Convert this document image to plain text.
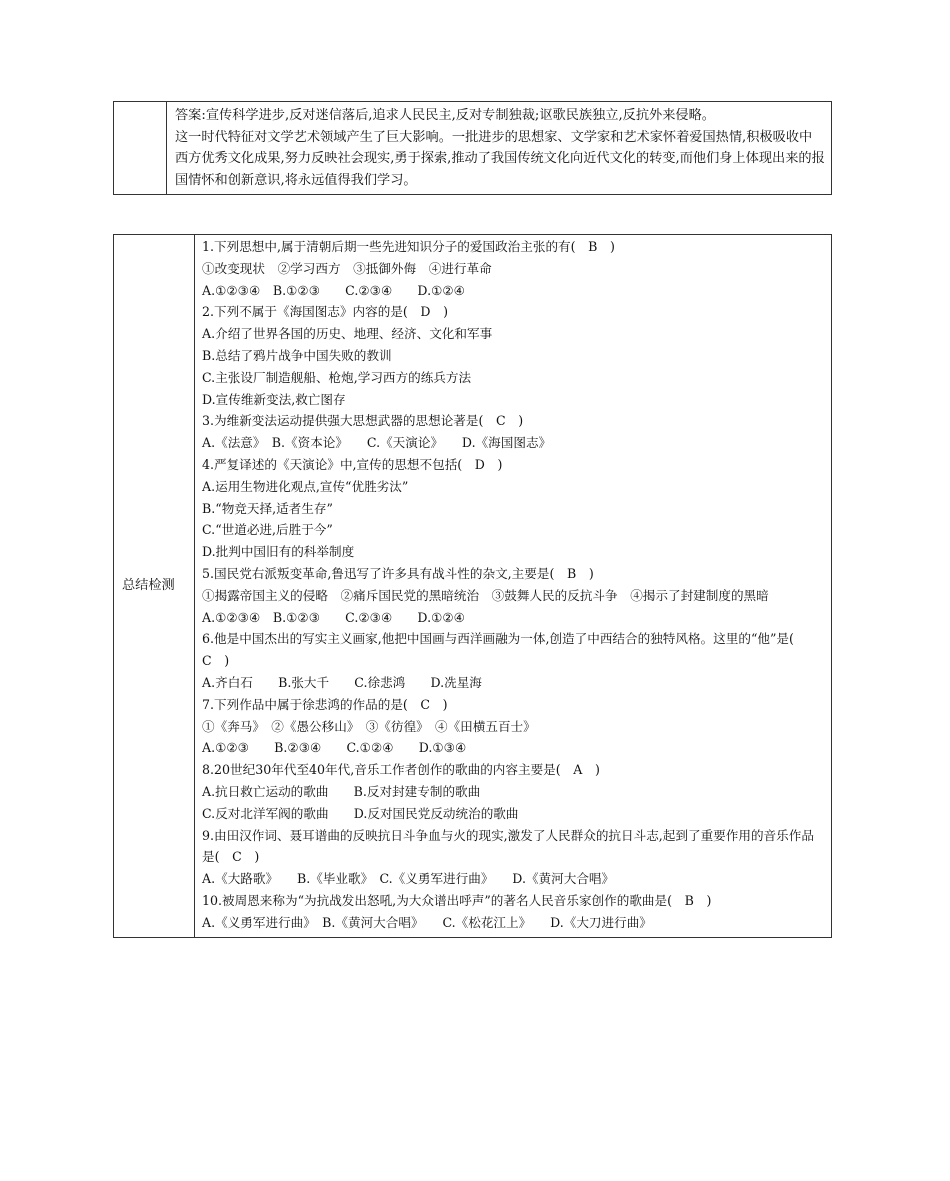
答案:宣传科学进步,反对迷信落后,追求人民民主,反对专制独裁;讴歌民族独立,反抗外来侵略。
这一时代特征对文学艺术领域产生了巨大影响。一批进步的思想家、文学家和艺术家怀着爱国热情,积极吸收中西方优秀文化成果,努力反映社会现实,勇于探索,推动了我国传统文化向近代文化的转变,而他们身上体现出来的报国情怀和创新意识,将永远值得我们学习。
总结检测	
1.下列思想中,属于清朝后期一些先进知识分子的爱国政治主张的有(　B　)
①改变现状　②学习西方　③抵御外侮　④进行革命
A.①②③④　B.①②③　　C.②③④　　D.①②④
2.下列不属于《海国图志》内容的是(　D　)
A.介绍了世界各国的历史、地理、经济、文化和军事
B.总结了鸦片战争中国失败的教训
C.主张设厂制造舰船、枪炮,学习西方的练兵方法
D.宣传维新变法,救亡图存
3.为维新变法运动提供强大思想武器的思想论著是(　C　)
A.《法意》　B.《资本论》　　C.《天演论》　　D.《海国图志》
4.严复译述的《天演论》中,宣传的思想不包括(　D　)
A.运用生物进化观点,宣传“优胜劣汰”
B.“物竞天择,适者生存”
C.“世道必进,后胜于今”
D.批判中国旧有的科举制度
5.国民党右派叛变革命,鲁迅写了许多具有战斗性的杂文,主要是(　B　)
①揭露帝国主义的侵略　②痛斥国民党的黑暗统治　③鼓舞人民的反抗斗争　④揭示了封建制度的黑暗
A.①②③④　B.①②③　　C.②③④　　D.①②④
6.他是中国杰出的写实主义画家,他把中国画与西洋画融为一体,创造了中西结合的独特风格。这里的“他”是(　C　)
A.齐白石　　B.张大千　　C.徐悲鸿　　D.冼星海
7.下列作品中属于徐悲鸿的作品的是(　C　)
①《奔马》　②《愚公移山》　③《彷徨》　④《田横五百士》
A.①②③　　B.②③④　　C.①②④　　D.①③④
8.20世纪30年代至40年代,音乐工作者创作的歌曲的内容主要是(　A　)
A.抗日救亡运动的歌曲　　B.反对封建专制的歌曲
C.反对北洋军阀的歌曲　　D.反对国民党反动统治的歌曲
9.由田汉作词、聂耳谱曲的反映抗日斗争血与火的现实,激发了人民群众的抗日斗志,起到了重要作用的音乐作品是(　C　)
A.《大路歌》　　B.《毕业歌》　C.《义勇军进行曲》　　D.《黄河大合唱》
10.被周恩来称为“为抗战发出怒吼,为大众谱出呼声”的著名人民音乐家创作的歌曲是(　B　)
A.《义勇军进行曲》　B.《黄河大合唱》　　C.《松花江上》　　D.《大刀进行曲》
